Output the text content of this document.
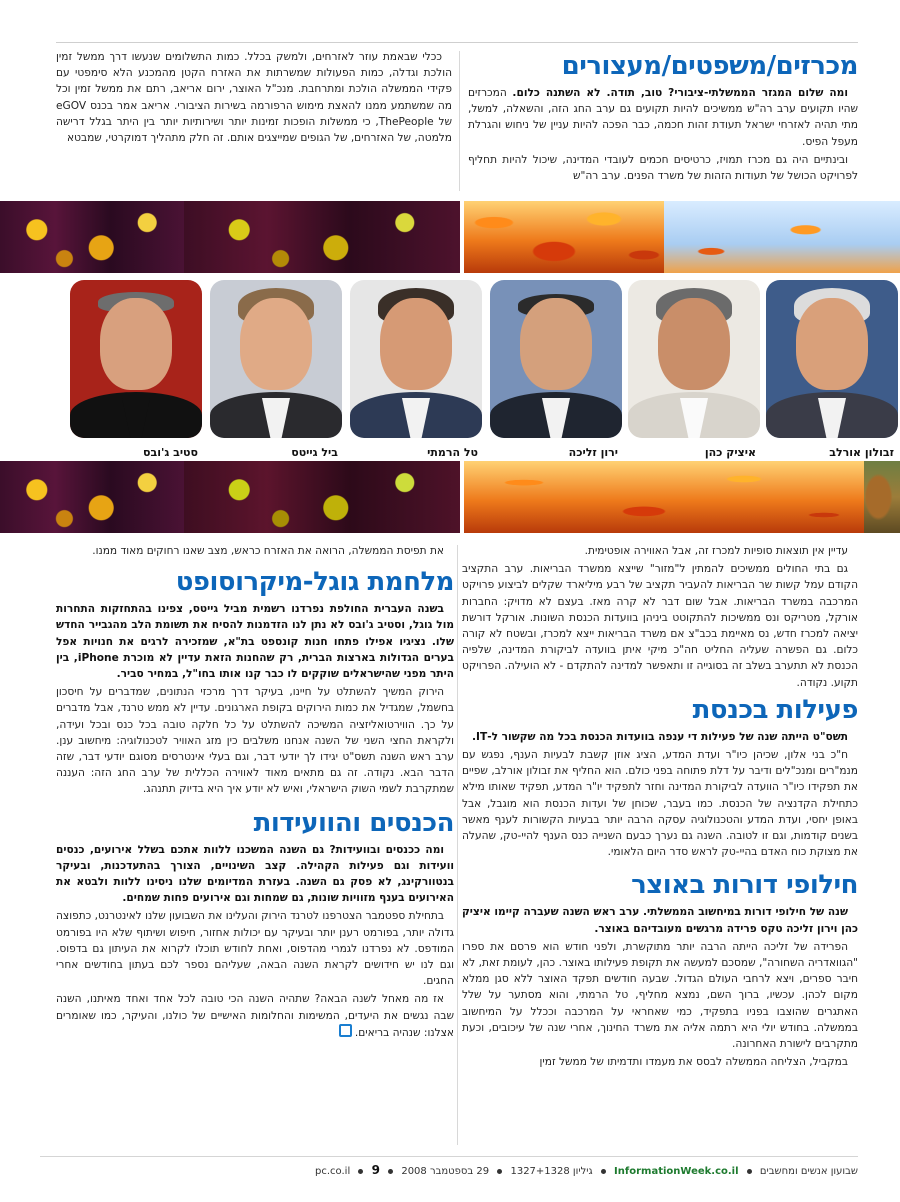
מכרזים/משפטים/מעצורים

ומה שלום המגזר הממשלתי-ציבורי? טוב, תודה. לא השתנה כלום. המכרזים שהיו תקועים ערב רה"ש ממשיכים להיות תקועים גם ערב החג הזה, והשאלה, למשל, מתי תהיה לאזרחי ישראל תעודת זהות חכמה, כבר הפכה להיות עניין של ניחוש והגרלת מעפל הפיס.

ובינתיים היה גם מכרז תמויז, כרטיסים חכמים לעובדי המדינה, שיכול להיות תחליף לפרויקט הכושל של תעודות הזהות של משרד הפנים. ערב רה"ש

ככלי שבאמת עוזר לאזרחים, ולמשק בכלל. כמות התשלומים שנעשו דרך ממשל זמין הולכת וגדלה, כמות הפעולות שמשרתות את האזרח הקטן מהמכנע הלא סימפטי עם פקידי הממשלה הולכת ומתרחבת. מנכ"ל האוצר, ירום אריאב, רתם את ממשל זמין וכל מה שמשתמע ממנו להאצת מימוש הרפורמה בשירות הציבורי. אריאב אמר בכנס eGOV של ThePeople, כי ממשלות הופכות זמינות יותר ושירותיות יותר בין היתר בגלל דרישה מלמטה, של האזרחים, של הגופים שמייצגים אותם. זה חלק מתהליך דמוקרטי, שמבטא

זבולון אורלב
איציק כהן
ירון זליכה
טל הרמתי
ביל גייטס
סטיב ג'ובס

עדיין אין תוצאות סופיות למכרז זה, אבל האווירה אופטימית.

גם בתי החולים ממשיכים להמתין ל"מזור" שייצא ממשרד הבריאות. ערב התקציב הקודם עמל קשות שר הבריאות להעביר תקציב של רבע מיליארד שקלים לביצוע פרויקט המרכבה במשרד הבריאות. אבל שום דבר לא קרה מאז. בעצם לא מדויק: החברות אורקל, מטריקס ונס ממשיכות להתקוטט ביניהן בוועדות הכנסת השונות. אורקל דורשת יציאה למכרז חדש, נס מאיימת בכב"צ אם משרד הבריאות ייצא למכרז, ובשטח לא קורה כלום. גם הפשרה שעליה החליט חה"כ מיקי איתן בוועדה לביקורת המדינה, שלפיה הכנסת לא תתערב בשלב זה בסוגייה זו ותאפשר למדינה להתקדם - לא הועילה. הפרויקט תקוע. נקודה.

פעילות בכנסת

תשס"ט הייתה שנה של פעילות די ענפה בוועדות הכנסת בכל מה שקשור ל-IT.

ח"כ בני אלון, שכיהן כיו"ר ועדת המדע, הציג אוזן קשבת לבעיות הענף, נפגש עם מנמ"רים ומנכ"לים ודיבר על דלת פתוחה בפני כולם. הוא החליף את זבולון אורלב, שפיים את תפקידו כיו"ר הוועדה לביקורת המדינה וחזר לתפקיד יו"ר המדע, תפקיד שאותו מילא כתחילת הקדנציה של הכנסת. כמו בעבר, שכוחן של ועדות הכנסת הוא מוגבל, אבל באופן יחסי, ועדת המדע והטכנולוגיה עסקה הרבה יותר בבעיות הקשורות לענף מאשר בשנים קודמות, וגם זו לטובה. השנה גם נערך כבעם השנייה כנס הענף להיי-טק, שהעלה את מצוקת כוח האדם בהיי-טק לראש סדר היום הלאומי.

חילופי דורות באוצר

שנה של חילופי דורות במיחשוב הממשלתי. ערב ראש השנה שעברה קיימו איציק כהן וירון זליכה טקס פרידה מרגשים מעובדיהם באוצר.

הפרידה של זליכה הייתה הרבה יותר מתוקשרת, ולפני חודש הוא פרסם את ספרו "הגוואדריה השחורה", שמסכם למעשה את תקופת פעילותו באוצר. כהן, לעומת זאת, לא חיבר ספרים, ויצא לרחבי העולם הגדול. שבעה חודשים תפקד האוצר ללא סגן ממלא מקום לכהן. עכשיו, ברוך השם, נמצא מחליף, טל הרמתי, והוא מסתער על שלל האתגרים שהוצבו בפניו בתפקיד, כמי שאחראי על המרכבה וככלל על המיחשוב בממשלה. בחודש יולי היא רתמה אליה את משרד החינוך, אחרי שנה של עיכובים, וכעת מתקרבים לישורת האחרונה.

במקביל, הצליחה הממשלה לבסס את מעמדו ותדמיתו של ממשל זמין

את תפיסת הממשלה, הרואה את האזרח כראש, מצב שאנו רחוקים מאוד ממנו.

מלחמת גוגל-מיקרוסופט

בשנה העברית החולפת נפרדנו רשמית מביל גייטס, צפינו בהתחזקות התחרות מול גוגל, וסטיב ג'ובס לא נתן לנו הזדמנות להסיח את תשומת הלב מהגבייר החדש שלו. נציגיו אפילו פתחו חנות קונספט בת"א, שמזכירה לרגים את חנויות אפל בערים הגדולות בארצות הברית, רק שהחנות הזאת עדיין לא מוכרת iPhone, בין היתר מפני שהישראלים שוקקים לו כבר קנו אותו בחו"ל, במחיר סביר.

הירוק המשיך להשתלט על חיינו, בעיקר דרך מרכזי הנתונים, שמדברים על חיסכון בחשמל, שמגדיל את כמות הירוקים בקופת הארגונים. עדיין לא ממש טרנד, אבל מדברים על כך. הווירטואליזציה המשיכה להשתלט על כל חלקה טובה בכל כנס ובכל ועידה, ולקראת החצי השני של השנה אנחנו משלבים כין מזג האוויר לטכנולוגיה: מיחשוב ענן. ערב ראש השנה תשס"ט יגידו לך יודעי דבר, וגם בעלי אינטרסים מסוגם יודעי דבר, שזה הדבר הבא. נקודה. זה גם מתאים מאוד לאווירה הכללית של ערב החג הזה: העננה שמתקרבת לשמי השוק הישראלי, ואיש לא יודע איך היא בדיוק תתנהג.

הכנסים והוועידות

ומה ככנסים ובוועידות? גם השנה המשכנו ללוות אתכם בשלל אירועים, כנסים וועידות וגם פעילות הקהילה. קצב השינויים, הצורך בהתעדכנות, ובעיקר בנטוורקינג, לא פסק גם השנה. בעזרת המדיומים שלנו ניסינו ללוות ולבטא את האירועים בענף מזוויות שונות, גם שמחות וגם אירועים פחות שמחים.

בתחילת ספטמבר הצטרפנו לטרנד הירוק והעלינו את השבועון שלנו לאינטרנט, כתפוצה גדולה יותר, בפורמט רענן יותר ובעיקר עם יכולות אחזור, חיפוש ושיתוף שלא היו בפורמט המודפס. לא נפרדנו לגמרי מהדפוס, ואחת לחודש תוכלו לקרוא את העיתון גם בדפוס. וגם לנו יש חידושים לקראת השנה הבאה, שעליהם נספר לכם בעתון בחודשים אחרי החגים.

אז מה מאחל לשנה הבאה? שתהיה השנה הכי טובה לכל אחד ואחד מאיתנו, השנה שבה נגשים את היעדים, המשימות והחלומות האישיים של כולנו, והעיקר, כמו שאומרים אצלנו: שנהיה בריאים.

שבועון אנשים ומחשבים  InformationWeek.co.il  גיליון 1327+1328  29 בספטמבר 2008  pc.co.il 9
